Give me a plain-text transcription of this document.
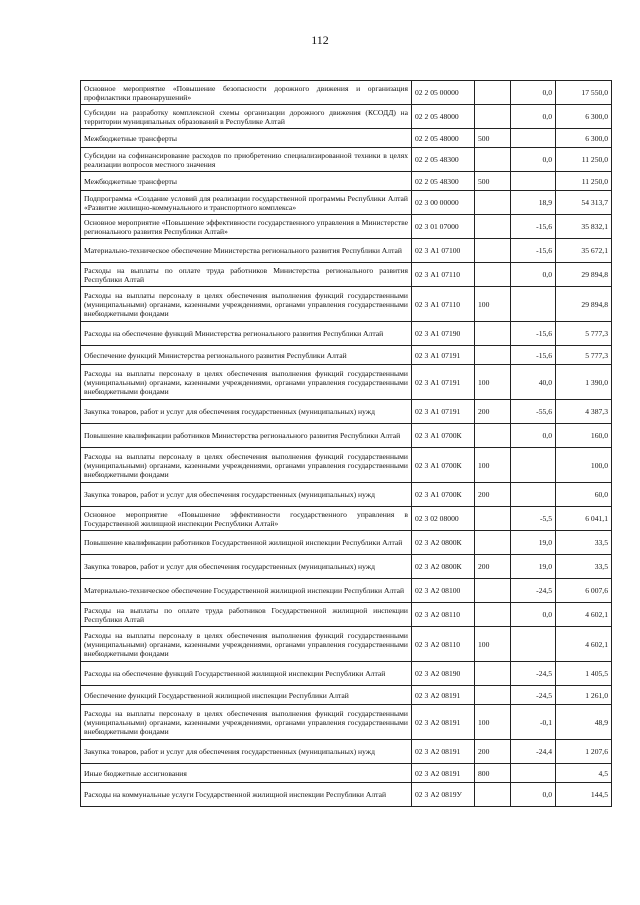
112
Основное мероприятие «Повышение безопасности дорожного движения и организация профилактики правонарушений»	02 2 05 00000		0,0	17 550,0
Субсидии на разработку комплексной схемы организации дорожного движения (КСОДД) на территории муниципальных образований в Республике Алтай	02 2 05 48000		0,0	6 300,0
Межбюджетные трансферты	02 2 05 48000	500		6 300,0
Субсидии на софинансирование расходов по приобретению специализированной техники в целях реализации вопросов местного значения	02 2 05 48300		0,0	11 250,0
Межбюджетные трансферты	02 2 05 48300	500		11 250,0
Подпрограмма «Создание условий для реализации государственной программы Республики Алтай «Развитие жилищно-коммунального и транспортного комплекса»	02 3 00 00000		18,9	54 313,7
Основное мероприятие «Повышение эффективности государственного управления в Министерстве регионального развития Республики Алтай»	02 3 01 07000		-15,6	35 832,1
Материально-техническое обеспечение Министерства регионального развития Республики Алтай	02 3 А1 07100		-15,6	35 672,1
Расходы на выплаты по оплате труда работников Министерства регионального развития Республики Алтай	02 3 А1 07110		0,0	29 894,8
Расходы на выплаты персоналу в целях обеспечения выполнения функций государственными (муниципальными) органами, казенными учреждениями, органами управления государственными внебюджетными фондами	02 3 А1 07110	100		29 894,8
Расходы на обеспечение функций Министерства регионального развития Республики Алтай	02 3 А1 07190		-15,6	5 777,3
Обеспечение функций Министерства регионального развития Республики Алтай	02 3 А1 07191		-15,6	5 777,3
Расходы на выплаты персоналу в целях обеспечения выполнения функций государственными (муниципальными) органами, казенными учреждениями, органами управления государственными внебюджетными фондами	02 3 А1 07191	100	40,0	1 390,0
Закупка товаров, работ и услуг для обеспечения государственных (муниципальных) нужд	02 3 А1 07191	200	-55,6	4 387,3
Повышение квалификации работников Министерства регионального развития Республики Алтай	02 3 А1 0700К		0,0	160,0
Расходы на выплаты персоналу в целях обеспечения выполнения функций государственными (муниципальными) органами, казенными учреждениями, органами управления государственными внебюджетными фондами	02 3 А1 0700К	100		100,0
Закупка товаров, работ и услуг для обеспечения государственных (муниципальных) нужд	02 3 А1 0700К	200		60,0
Основное мероприятие «Повышение эффективности государственного управления в Государственной жилищной инспекции Республики Алтай»	02 3 02 08000		-5,5	6 041,1
Повышение квалификации работников Государственной жилищной инспекции Республики Алтай	02 3 А2 0800К		19,0	33,5
Закупка товаров, работ и услуг для обеспечения государственных (муниципальных) нужд	02 3 А2 0800К	200	19,0	33,5
Материально-техническое обеспечение Государственной жилищной инспекции Республики Алтай	02 3 А2 08100		-24,5	6 007,6
Расходы на выплаты по оплате труда работников Государственной жилищной инспекции Республики Алтай	02 3 А2 08110		0,0	4 602,1
Расходы на выплаты персоналу в целях обеспечения выполнения функций государственными (муниципальными) органами, казенными учреждениями, органами управления государственными внебюджетными фондами	02 3 А2 08110	100		4 602,1
Расходы на обеспечение функций Государственной жилищной инспекции Республики Алтай	02 3 А2 08190		-24,5	1 405,5
Обеспечение функций Государственной жилищной инспекции Республики Алтай	02 3 А2 08191		-24,5	1 261,0
Расходы на выплаты персоналу в целях обеспечения выполнения функций государственными (муниципальными) органами, казенными учреждениями, органами управления государственными внебюджетными фондами	02 3 А2 08191	100	-0,1	48,9
Закупка товаров, работ и услуг для обеспечения государственных (муниципальных) нужд	02 3 А2 08191	200	-24,4	1 207,6
Иные бюджетные ассигнования	02 3 А2 08191	800		4,5
Расходы на коммунальные услуги Государственной жилищной инспекции Республики Алтай	02 3 А2 0819У		0,0	144,5
